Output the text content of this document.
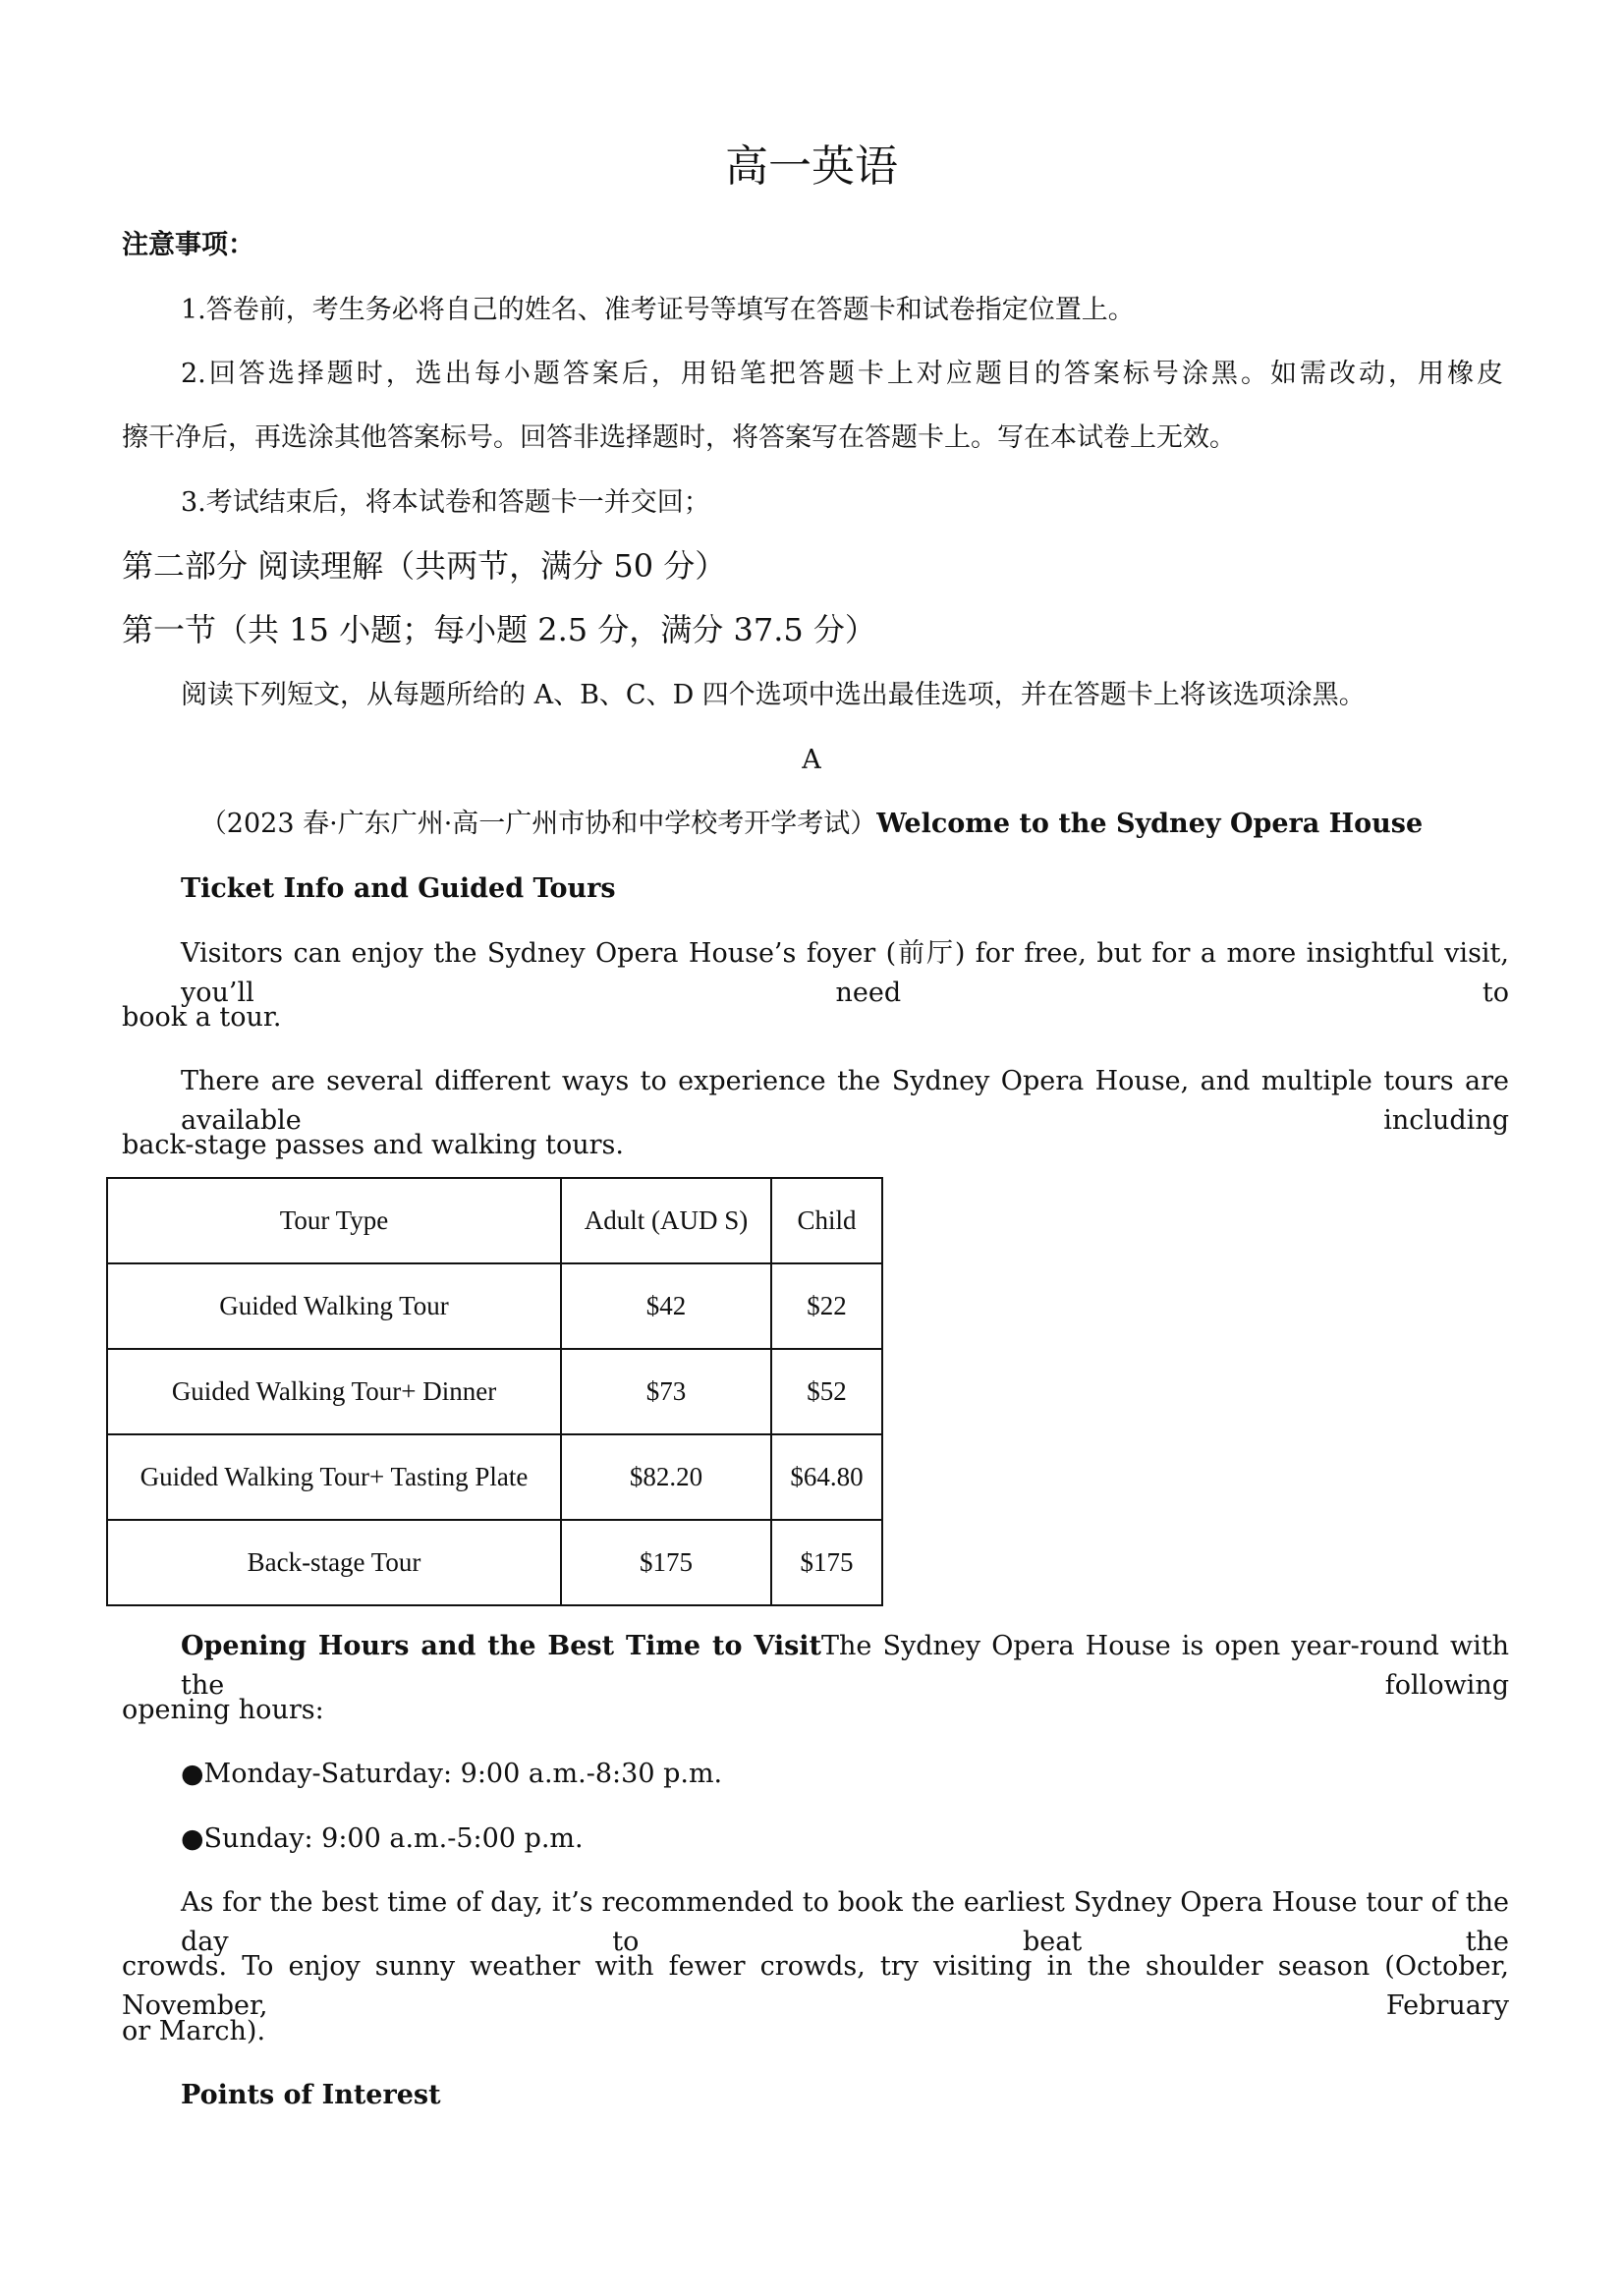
高一英语
注意事项：
1.答卷前，考生务必将自己的姓名、准考证号等填写在答题卡和试卷指定位置上。
2.回答选择题时，选出每小题答案后，用铅笔把答题卡上对应题目的答案标号涂黑。如需改动，用橡皮
擦干净后，再选涂其他答案标号。回答非选择题时，将答案写在答题卡上。写在本试卷上无效。
3.考试结束后，将本试卷和答题卡一并交回；
第二部分 阅读理解（共两节，满分 50 分）
第一节（共 15 小题；每小题 2.5 分，满分 37.5 分）
阅读下列短文，从每题所给的 A、B、C、D 四个选项中选出最佳选项，并在答题卡上将该选项涂黑。
A
（2023 春·广东广州·高一广州市协和中学校考开学考试）Welcome to the Sydney Opera House
Ticket Info and Guided Tours
Visitors can enjoy the Sydney Opera House’s foyer (前厅) for free, but for a more insightful visit, you’ll need to
book a tour.
There are several different ways to experience the Sydney Opera House, and multiple tours are available including
back-stage passes and walking tours.
Tour Type	Adult (AUD S)	Child
Guided Walking Tour	$42	$22
Guided Walking Tour+ Dinner	$73	$52
Guided Walking Tour+ Tasting Plate	$82.20	$64.80
Back-stage Tour	$175	$175
Opening Hours and the Best Time to VisitThe Sydney Opera House is open year-round with the following
opening hours:
●Monday-Saturday: 9:00 a.m.-8:30 p.m.
●Sunday: 9:00 a.m.-5:00 p.m.
As for the best time of day, it’s recommended to book the earliest Sydney Opera House tour of the day to beat the
crowds. To enjoy sunny weather with fewer crowds, try visiting in the shoulder season (October, November, February
or March).
Points of Interest
